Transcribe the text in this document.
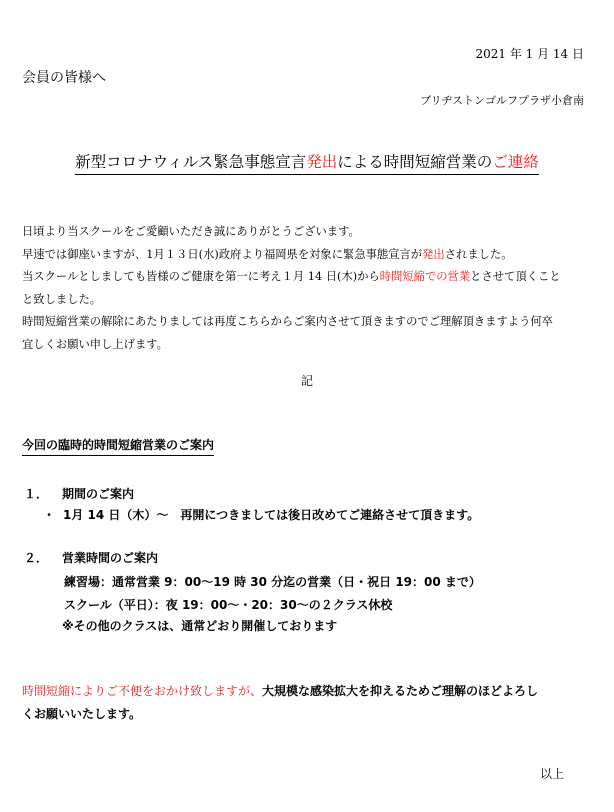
2021 年 1 月 14 日
会員の皆様へ
ブリヂストンゴルフプラザ小倉南
新型コロナウィルス緊急事態宣言発出による時間短縮営業のご連絡
日頃より当スクールをご愛顧いただき誠にありがとうございます。
早速では御座いますが、1月１３日(水)政府より福岡県を対象に緊急事態宣言が発出されました。
当スクールとしましても皆様のご健康を第一に考え１月 14 日(木)から時間短縮での営業とさせて頂くこと
と致しました。
時間短縮営業の解除にあたりましては再度こちらからご案内させて頂きますのでご理解頂きますよう何卒
宜しくお願い申し上げます。
記
今回の臨時的時間短縮営業のご案内
１． 期間のご案内
・ 1月 14 日（木）～　再開につきましては後日改めてご連絡させて頂きます。
２． 営業時間のご案内
練習場：通常営業 9：00～19 時 30 分迄の営業（日・祝日 19：00 まで）
スクール（平日）：夜 19：00～・20：30～の２クラス休校
※その他のクラスは、通常どおり開催しております
時間短縮によりご不便をおかけ致しますが、大規模な感染拡大を抑えるためご理解のほどよろし
くお願いいたします。
以上
